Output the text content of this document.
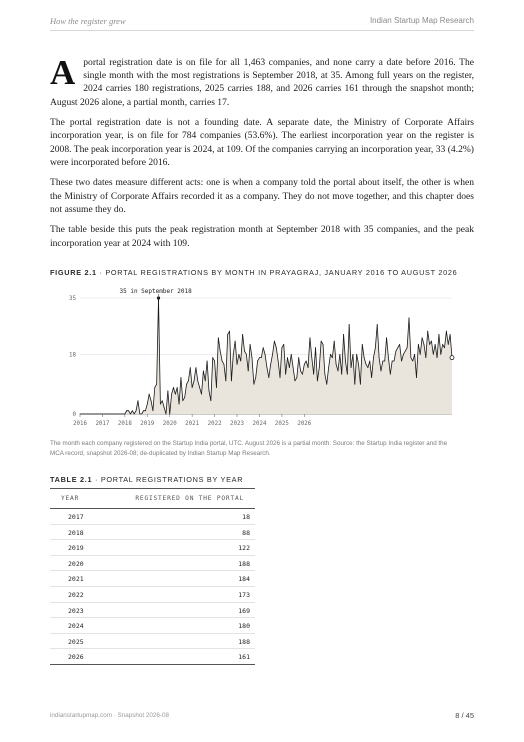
How the register grew	Indian Startup Map Research

A portal registration date is on file for all 1,463 companies, and none carry a date before 2016. The single month with the most registrations is September 2018, at 35. Among full years on the register, 2024 carries 180 registrations, 2025 carries 188, and 2026 carries 161 through the snapshot month; August 2026 alone, a partial month, carries 17.

The portal registration date is not a founding date. A separate date, the Ministry of Corporate Affairs incorporation year, is on file for 784 companies (53.6%). The earliest incorporation year on the register is 2008. The peak incorporation year is 2024, at 109. Of the companies carrying an incorporation year, 33 (4.2%) were incorporated before 2016.

These two dates measure different acts: one is when a company told the portal about itself, the other is when the Ministry of Corporate Affairs recorded it as a company. They do not move together, and this chapter does not assume they do.

The table beside this puts the peak registration month at September 2018 with 35 companies, and the peak incorporation year at 2024 with 109.

FIGURE 2.1 · PORTAL REGISTRATIONS BY MONTH IN PRAYAGRAJ, JANUARY 2016 TO AUGUST 2026
0
18
35
2016 2017 2018 2019 2020 2021 2022 2023 2024 2025 2026
35 in September 2018
The month each company registered on the Startup India portal, UTC. August 2026 is a partial month. Source: the Startup India register and the MCA record, snapshot 2026-08; de-duplicated by Indian Startup Map Research.
TABLE 2.1 · PORTAL REGISTRATIONS BY YEAR
YEAR	REGISTERED ON THE PORTAL
2017	18
2018	88
2019	122
2020	188
2021	184
2022	173
2023	169
2024	180
2025	188
2026	161
indianstartupmap.com · Snapshot 2026-08	8 / 45
